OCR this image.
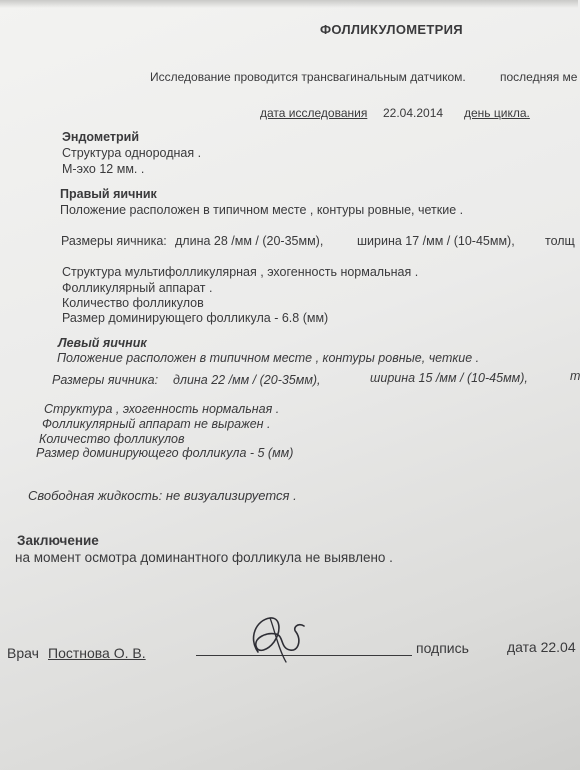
ФОЛЛИКУЛОМЕТРИЯ
Исследование проводится трансвагинальным датчиком.	последняя ме
дата исследования 22.04.2014 день цикла.
Эндометрий
Структура однородная .
М-эхо 12 мм. .
Правый яичник
Положение расположен в типичном месте , контуры ровные, четкие .
Размеры яичника: длина 28 /мм / (20-35мм),	ширина 17 /мм / (10-45мм), толщ
Структура мультифолликулярная , эхогенность нормальная .
Фолликулярный аппарат .
Количество фолликулов
Размер доминирующего фолликула - 6.8 (мм)
Левый яичник
Положение расположен в типичном месте , контуры ровные, четкие .
Размеры яичника: длина 22 /мм / (20-35мм),	ширина 15 /мм / (10-45мм),	т
Структура , эхогенность нормальная .
Фолликулярный аппарат не выражен .
Количество фолликулов
Размер доминирующего фолликула - 5 (мм)
Свободная жидкость: не визуализируется .
Заключение
на момент осмотра доминантного фолликула не выявлено .
Врач Постнова О. В.	подпись	дата 22.04
